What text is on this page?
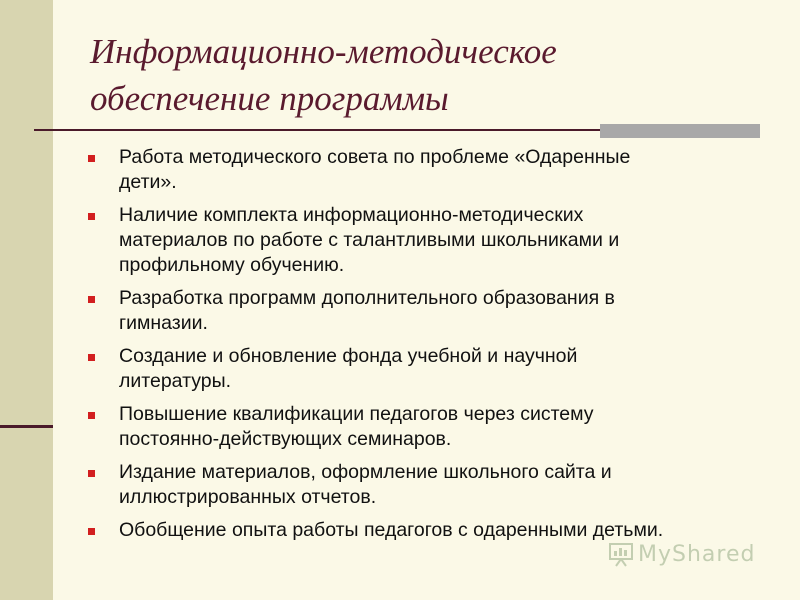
Информационно-методическое
обеспечение программы
Работа методического совета по проблеме «Одаренные
дети».
Наличие комплекта информационно-методических
материалов по работе с талантливыми школьниками и
профильному обучению.
Разработка программ дополнительного образования в
гимназии.
Создание и обновление фонда учебной и научной
литературы.
Повышение квалификации педагогов через систему
постоянно-действующих семинаров.
Издание материалов, оформление школьного сайта и
иллюстрированных отчетов.
Обобщение опыта работы педагогов с одаренными детьми.
MyShared
